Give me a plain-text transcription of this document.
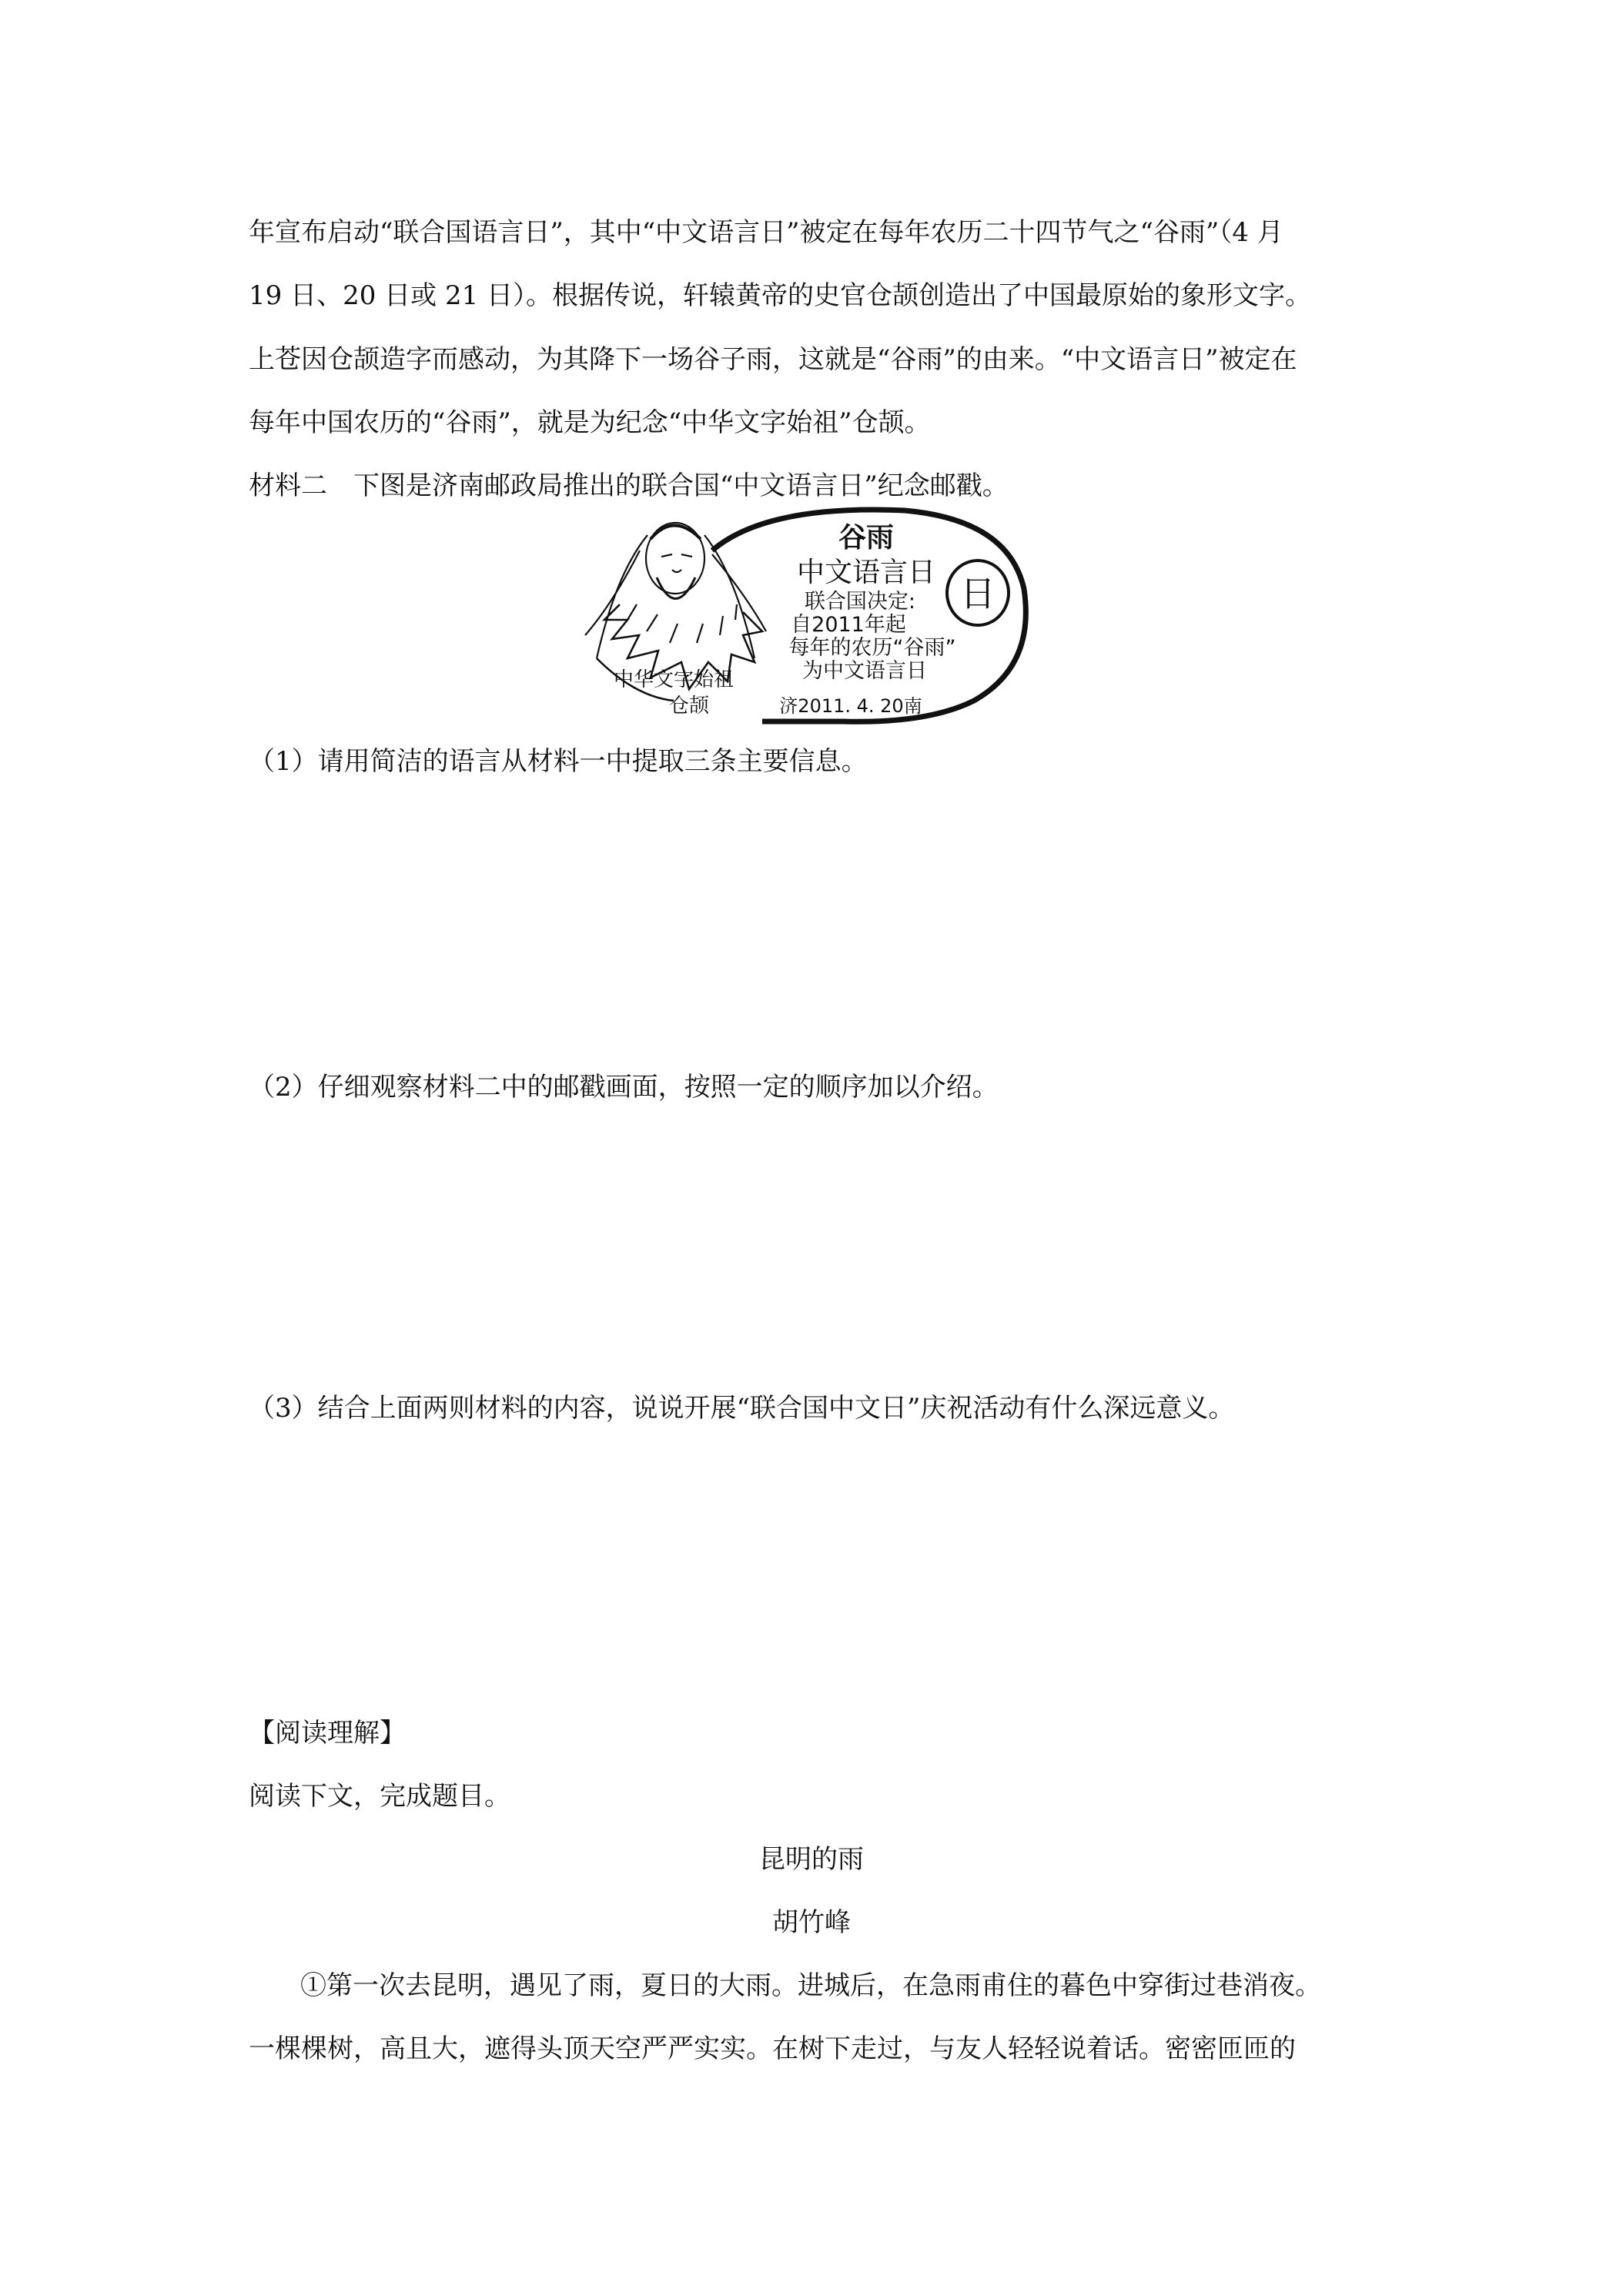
年宣布启动“联合国语言日”，其中“中文语言日”被定在每年农历二十四节气之“谷雨”（4 月
19 日、20 日或 21 日）。根据传说，轩辕黄帝的史官仓颉创造出了中国最原始的象形文字。
上苍因仓颉造字而感动，为其降下一场谷子雨，这就是“谷雨”的由来。“中文语言日”被定在
每年中国农历的“谷雨”，就是为纪念“中华文字始祖”仓颉。
材料二　下图是济南邮政局推出的联合国“中文语言日”纪念邮戳。
日
谷雨
中文语言日
联合国决定:
自2011年起
每年的农历“谷雨”
为中文语言日
中华文字始祖
仓颉	济2011. 4. 20南
（1）请用简洁的语言从材料一中提取三条主要信息。
（2）仔细观察材料二中的邮戳画面，按照一定的顺序加以介绍。
（3）结合上面两则材料的内容，说说开展“联合国中文日”庆祝活动有什么深远意义。
【阅读理解】
阅读下文，完成题目。
昆明的雨
胡竹峰
①第一次去昆明，遇见了雨，夏日的大雨。进城后，在急雨甫住的暮色中穿街过巷消夜。
一棵棵树，高且大，遮得头顶天空严严实实。在树下走过，与友人轻轻说着话。密密匝匝的
